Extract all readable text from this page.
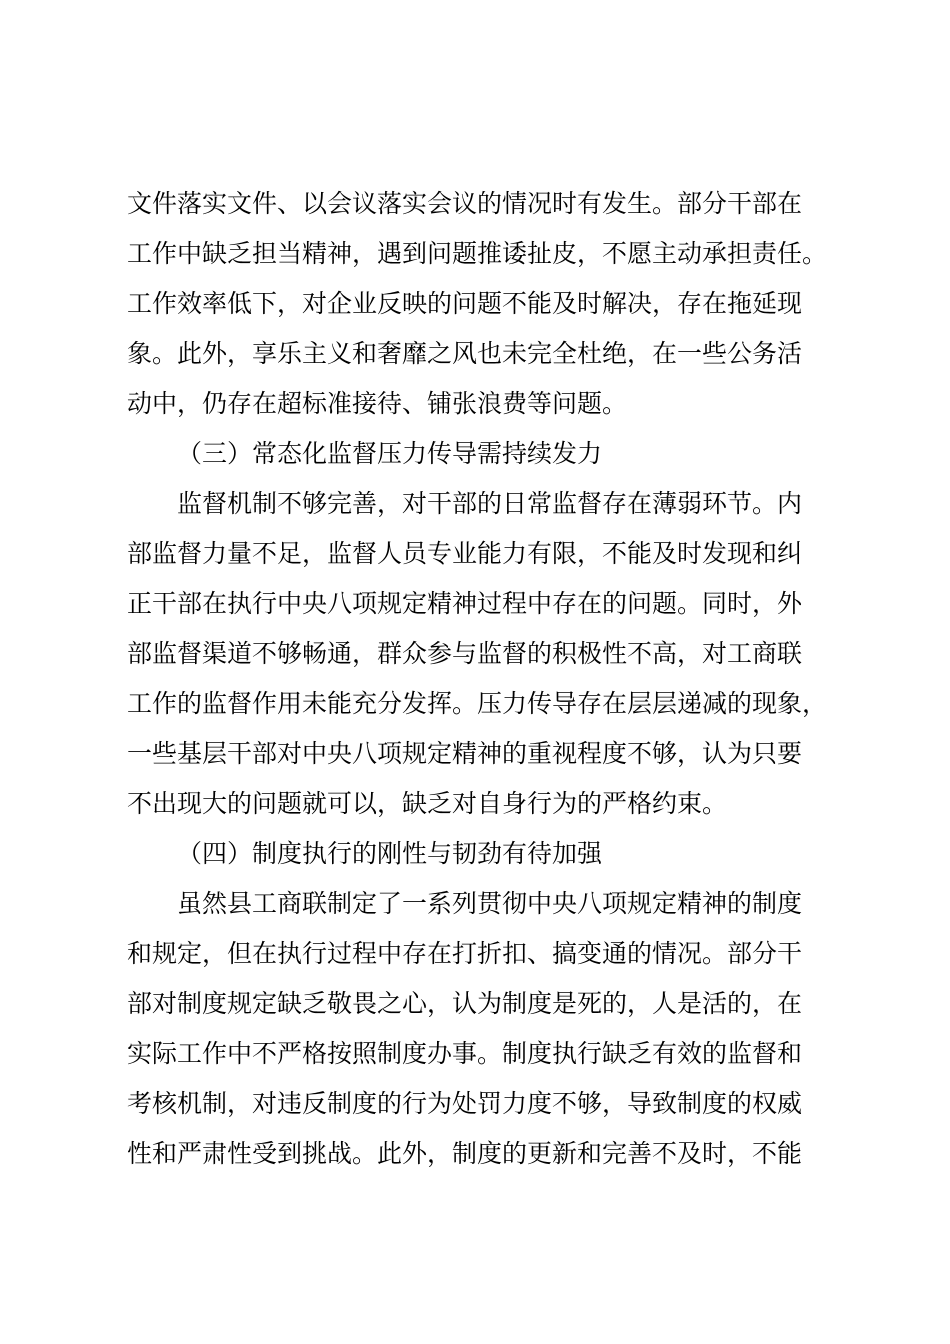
文件落实文件、以会议落实会议的情况时有发生。部分干部在
工作中缺乏担当精神，遇到问题推诿扯皮，不愿主动承担责任。
工作效率低下，对企业反映的问题不能及时解决，存在拖延现
象。此外，享乐主义和奢靡之风也未完全杜绝，在一些公务活
动中，仍存在超标准接待、铺张浪费等问题。
（三）常态化监督压力传导需持续发力
监督机制不够完善，对干部的日常监督存在薄弱环节。内
部监督力量不足，监督人员专业能力有限，不能及时发现和纠
正干部在执行中央八项规定精神过程中存在的问题。同时，外
部监督渠道不够畅通，群众参与监督的积极性不高，对工商联
工作的监督作用未能充分发挥。压力传导存在层层递减的现象，
一些基层干部对中央八项规定精神的重视程度不够，认为只要
不出现大的问题就可以，缺乏对自身行为的严格约束。
（四）制度执行的刚性与韧劲有待加强
虽然县工商联制定了一系列贯彻中央八项规定精神的制度
和规定，但在执行过程中存在打折扣、搞变通的情况。部分干
部对制度规定缺乏敬畏之心，认为制度是死的，人是活的，在
实际工作中不严格按照制度办事。制度执行缺乏有效的监督和
考核机制，对违反制度的行为处罚力度不够，导致制度的权威
性和严肃性受到挑战。此外，制度的更新和完善不及时，不能
